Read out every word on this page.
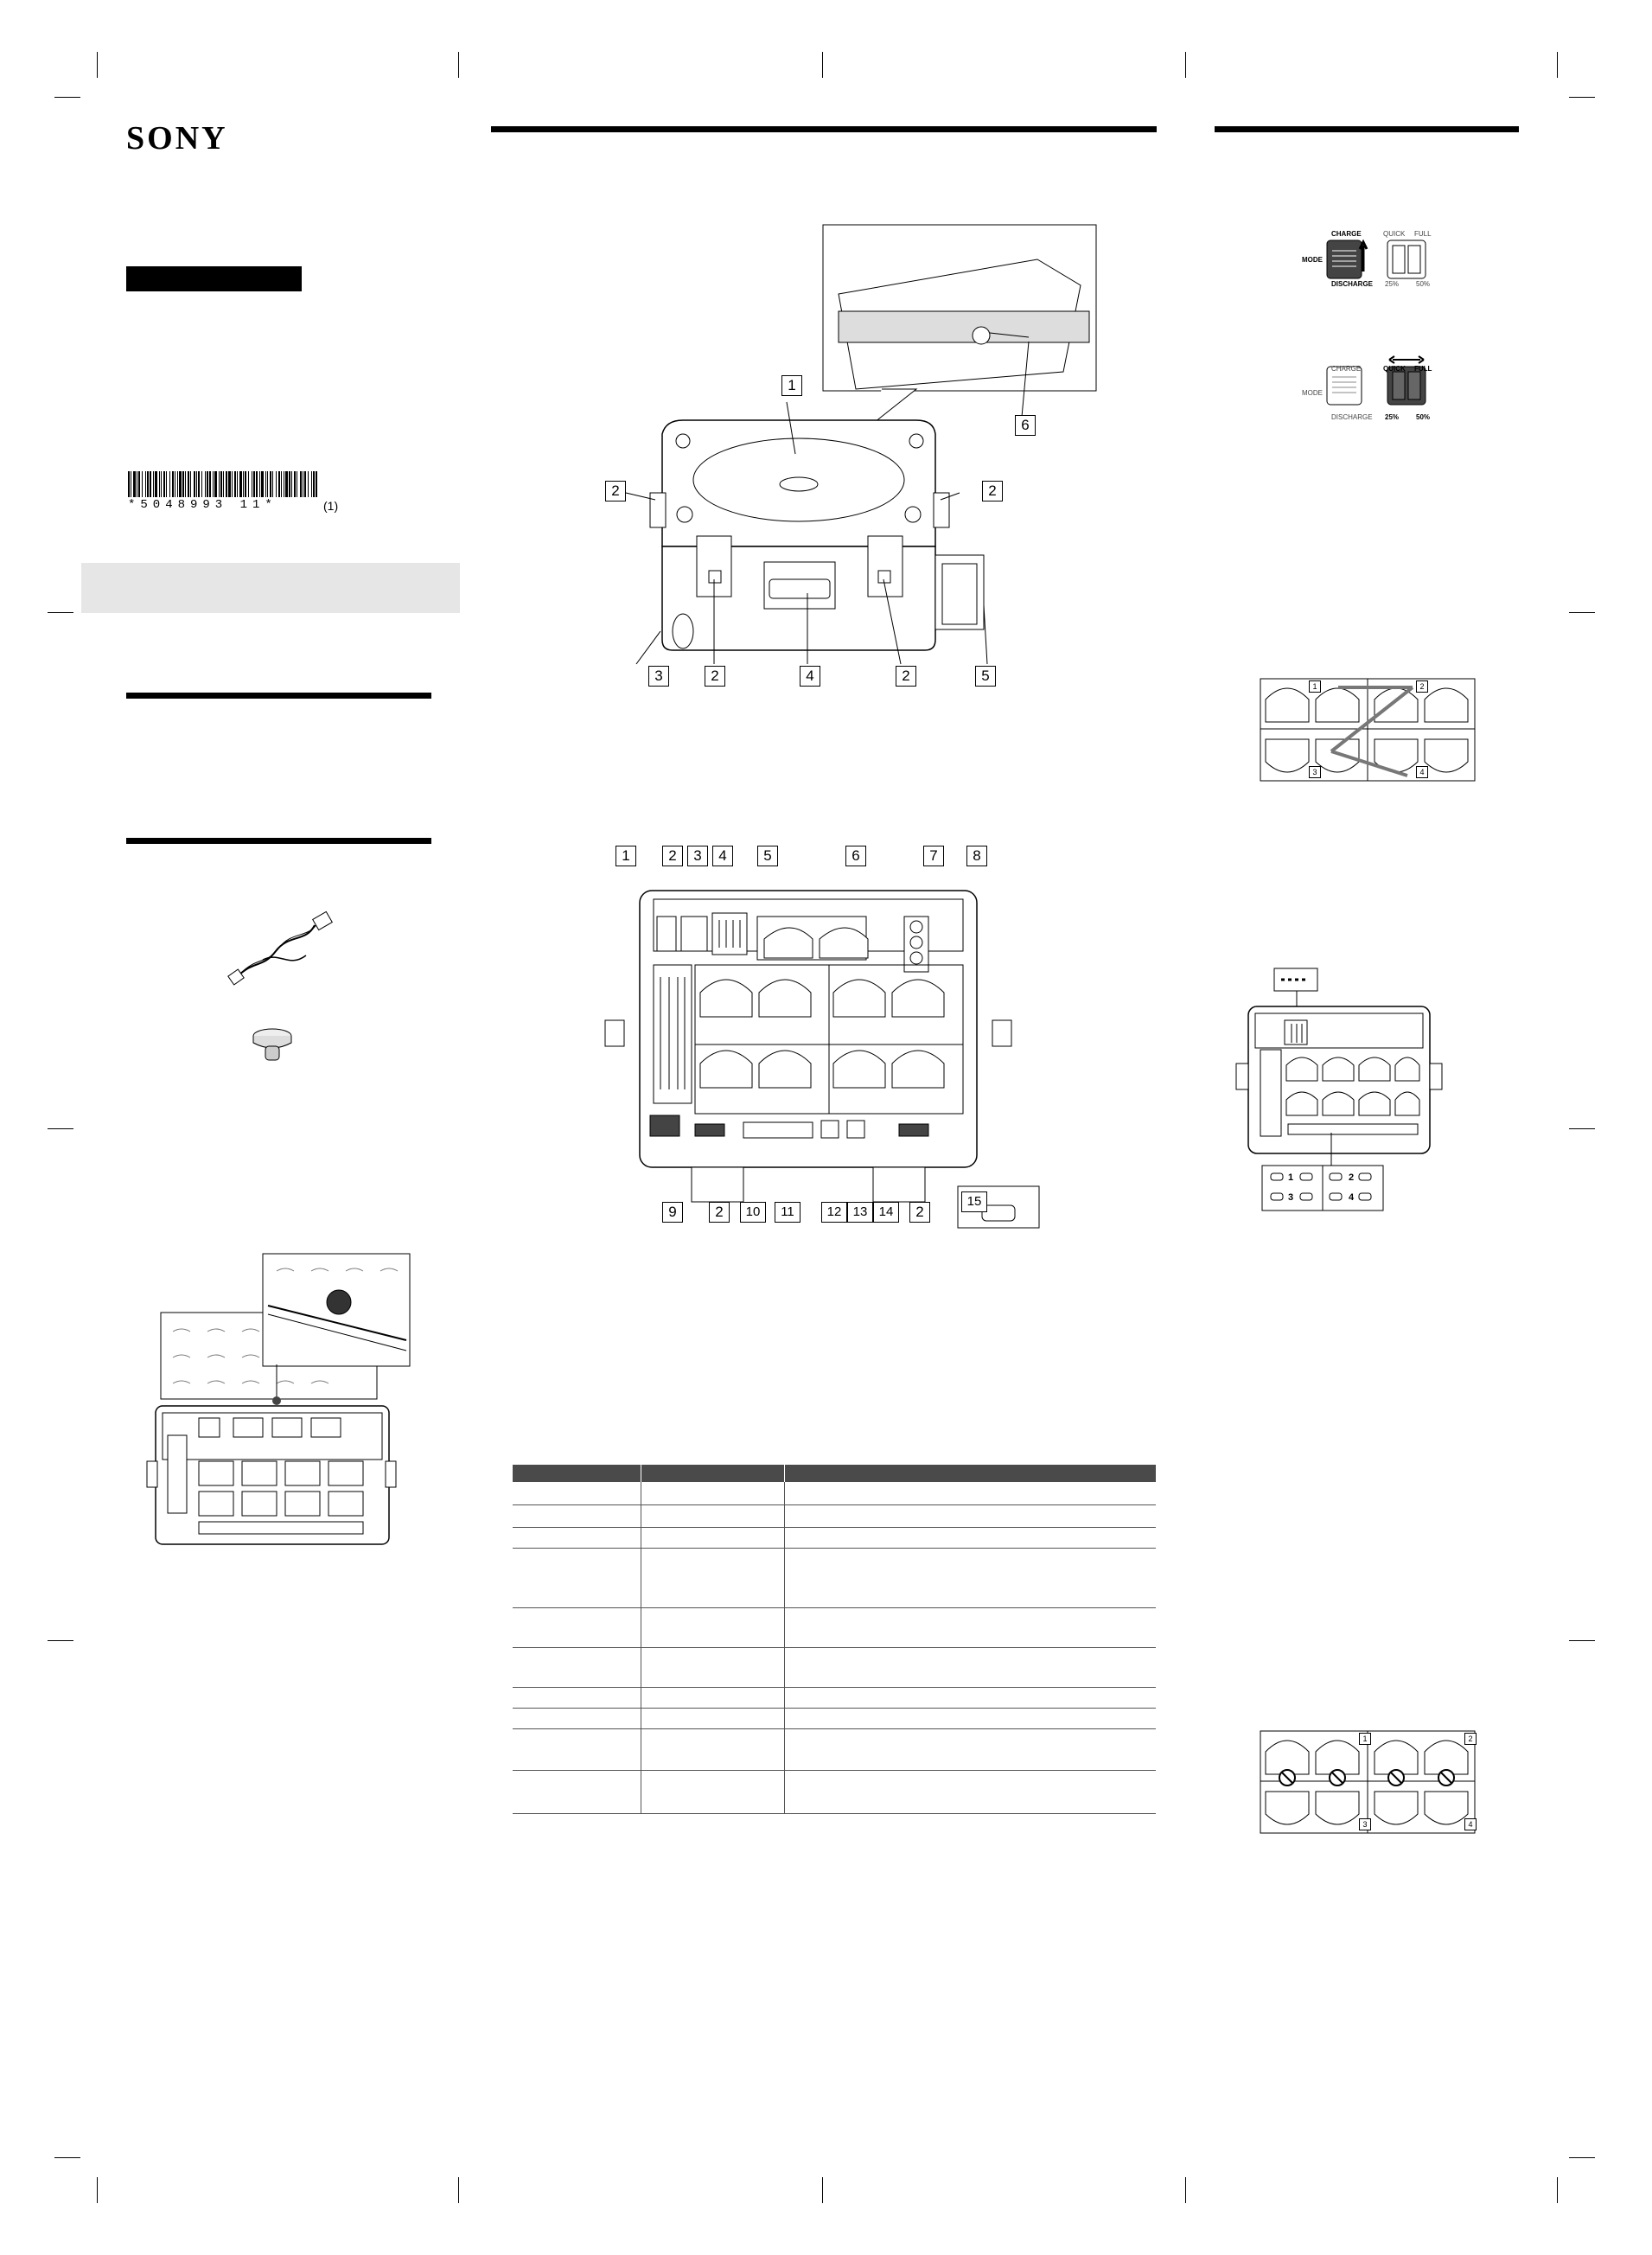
SONY
*5048993 11*	(1)
1
2	2
3	2	4	2	5
6
1	2	3	4	5	6	7	8
9	2	10	11	12 13 14	2
15

CHARGE	QUICK FULL
MODE
DISCHARGE 25% 50%
CHARGE	QUICK FULL
MODE
DISCHARGE 25% 50%
1	2
3	4
1	2
3	4
1	2
3	4
